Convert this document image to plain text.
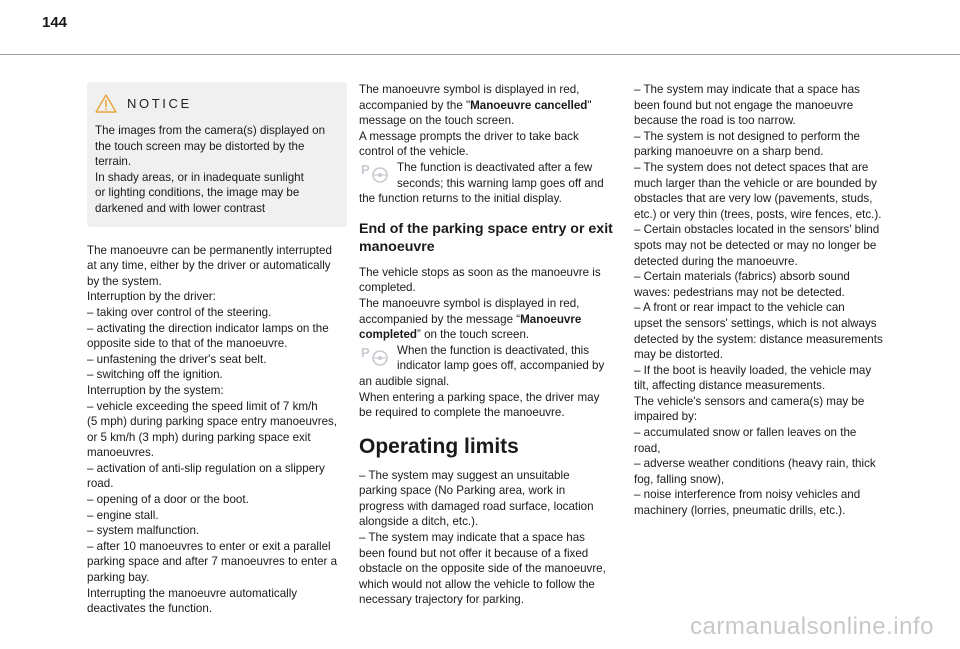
144
NOTICE
The images from the camera(s) displayed on
the touch screen may be distorted by the
terrain.
In shady areas, or in inadequate sunlight
or lighting conditions, the image may be
darkened and with lower contrast
The manoeuvre can be permanently interrupted
at any time, either by the driver or automatically
by the system.
Interruption by the driver:
– taking over control of the steering.
– activating the direction indicator lamps on the
opposite side to that of the manoeuvre.
– unfastening the driver's seat belt.
– switching off the ignition.
Interruption by the system:
– vehicle exceeding the speed limit of 7 km/h
(5 mph) during parking space entry manoeuvres,
or 5 km/h (3 mph) during parking space exit
manoeuvres.
– activation of anti-slip regulation on a slippery
road.
– opening of a door or the boot.
– engine stall.
– system malfunction.
– after 10 manoeuvres to enter or exit a parallel
parking space and after 7 manoeuvres to enter a
parking bay.
Interrupting the manoeuvre automatically
deactivates the function.
The manoeuvre symbol is displayed in red,
accompanied by the "Manoeuvre cancelled"
message on the touch screen.
A message prompts the driver to take back
control of the vehicle.
P	The function is deactivated after a few
seconds; this warning lamp goes off and
the function returns to the initial display.
End of the parking space entry or exit manoeuvre
The vehicle stops as soon as the manoeuvre is
completed.
The manoeuvre symbol is displayed in red,
accompanied by the message “Manoeuvre
completed” on the touch screen.
P	When the function is deactivated, this
indicator lamp goes off, accompanied by
an audible signal.
When entering a parking space, the driver may
be required to complete the manoeuvre.
Operating limits
– The system may suggest an unsuitable
parking space (No Parking area, work in
progress with damaged road surface, location
alongside a ditch, etc.).
– The system may indicate that a space has
been found but not offer it because of a fixed
obstacle on the opposite side of the manoeuvre,
which would not allow the vehicle to follow the
necessary trajectory for parking.
– The system may indicate that a space has
been found but not engage the manoeuvre
because the road is too narrow.
– The system is not designed to perform the
parking manoeuvre on a sharp bend.
– The system does not detect spaces that are
much larger than the vehicle or are bounded by
obstacles that are very low (pavements, studs,
etc.) or very thin (trees, posts, wire fences, etc.).
– Certain obstacles located in the sensors' blind
spots may not be detected or may no longer be
detected during the manoeuvre.
– Certain materials (fabrics) absorb sound
waves: pedestrians may not be detected.
– A front or rear impact to the vehicle can
upset the sensors' settings, which is not always
detected by the system: distance measurements
may be distorted.
– If the boot is heavily loaded, the vehicle may
tilt, affecting distance measurements.
The vehicle's sensors and camera(s) may be
impaired by:
– accumulated snow or fallen leaves on the
road,
– adverse weather conditions (heavy rain, thick
fog, falling snow),
– noise interference from noisy vehicles and
machinery (lorries, pneumatic drills, etc.).
carmanualsonline.info
